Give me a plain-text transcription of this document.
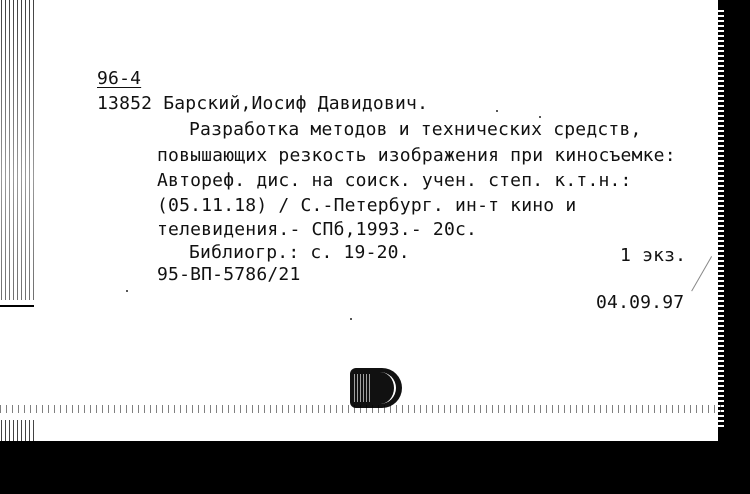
96-4
13852 Барский,Иосиф Давидович.
Разработка методов и технических средств,
повышающих резкость изображения при киносъемке:
Автореф. дис. на соиск. учен. степ. к.т.н.:
(05.11.18) / С.-Петербург. ин-т кино и
телевидения.- СПб,1993.- 20с.
Библиогр.: с. 19-20.	1 экз.
95-ВП-5786/21
04.09.97
